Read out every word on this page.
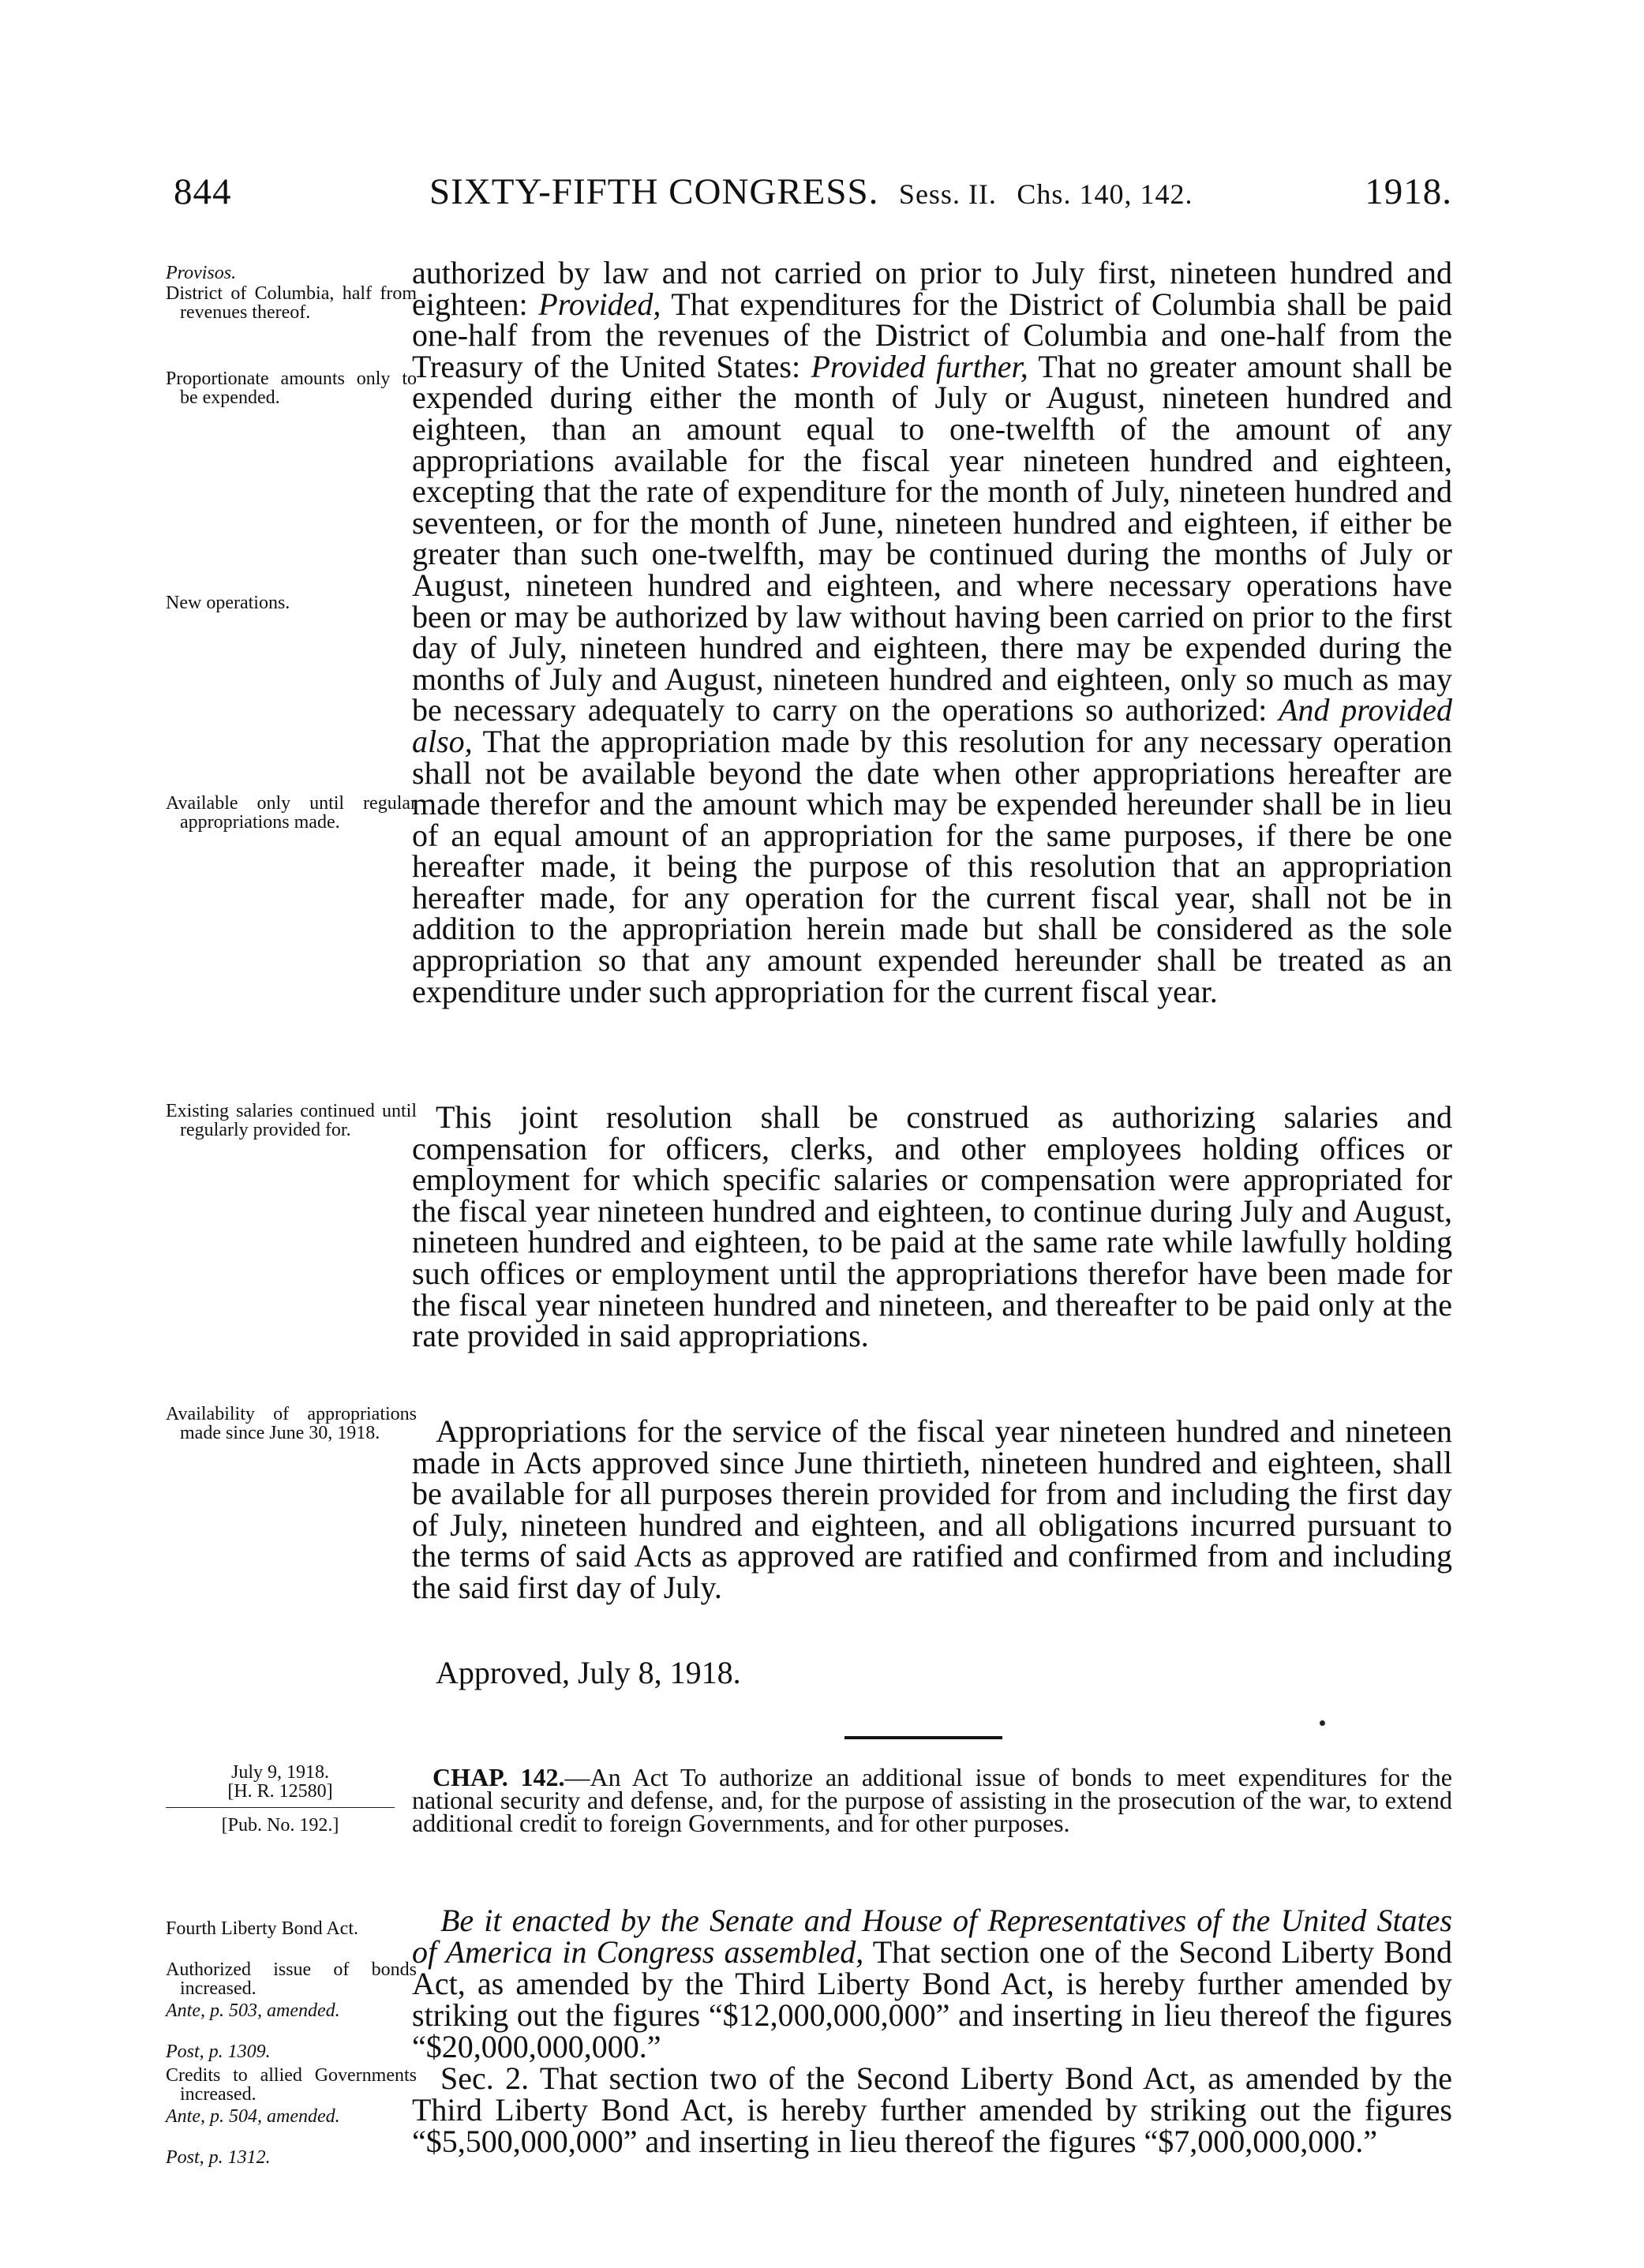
844	SIXTY-FIFTH CONGRESS. Sess. II. Chs. 140, 142.	1918.

authorized by law and not carried on prior to July first, nineteen hundred and eighteen: Provided, That expenditures for the District of Columbia shall be paid one-half from the revenues of the District of Columbia and one-half from the Treasury of the United States: Provided further, That no greater amount shall be expended during either the month of July or August, nineteen hundred and eighteen, than an amount equal to one-twelfth of the amount of any appropriations available for the fiscal year nineteen hundred and eighteen, excepting that the rate of expenditure for the month of July, nineteen hundred and seventeen, or for the month of June, nineteen hundred and eighteen, if either be greater than such one-twelfth, may be continued during the months of July or August, nineteen hundred and eighteen, and where necessary operations have been or may be authorized by law without having been carried on prior to the first day of July, nineteen hundred and eighteen, there may be expended during the months of July and August, nineteen hundred and eighteen, only so much as may be necessary adequately to carry on the operations so authorized: And provided also, That the appropriation made by this resolution for any necessary operation shall not be available beyond the date when other appropriations hereafter are made therefor and the amount which may be expended hereunder shall be in lieu of an equal amount of an appropriation for the same purposes, if there be one hereafter made, it being the purpose of this resolution that an appropriation hereafter made, for any operation for the current fiscal year, shall not be in addition to the appropriation herein made but shall be considered as the sole appropriation so that any amount expended hereunder shall be treated as an expenditure under such appropriation for the current fiscal year.

This joint resolution shall be construed as authorizing salaries and compensation for officers, clerks, and other employees holding offices or employment for which specific salaries or compensation were appropriated for the fiscal year nineteen hundred and eighteen, to continue during July and August, nineteen hundred and eighteen, to be paid at the same rate while lawfully holding such offices or employment until the appropriations therefor have been made for the fiscal year nineteen hundred and nineteen, and thereafter to be paid only at the rate provided in said appropriations.

Appropriations for the service of the fiscal year nineteen hundred and nineteen made in Acts approved since June thirtieth, nineteen hundred and eighteen, shall be available for all purposes therein provided for from and including the first day of July, nineteen hundred and eighteen, and all obligations incurred pursuant to the terms of said Acts as approved are ratified and confirmed from and including the said first day of July.

Approved, July 8, 1918.
Provisos.
District of Columbia, half from revenues thereof.
Proportionate amounts only to be expended.
New operations.
Available only until regular appropriations made.
Existing salaries continued until regularly provided for.
Availability of appropriations made since June 30, 1918.
July 9, 1918.
[H. R. 12580]
[Pub. No. 192.]
CHAP. 142.—An Act To authorize an additional issue of bonds to meet expenditures for the national security and defense, and, for the purpose of assisting in the prosecution of the war, to extend additional credit to foreign Governments, and for other purposes.
Fourth Liberty Bond Act.
Authorized issue of bonds increased.
Ante, p. 503, amended.
Post, p. 1309.
Credits to allied Governments increased.
Ante, p. 504, amended.
Post, p. 1312.

Be it enacted by the Senate and House of Representatives of the United States of America in Congress assembled, That section one of the Second Liberty Bond Act, as amended by the Third Liberty Bond Act, is hereby further amended by striking out the figures “$12,000,000,000” and inserting in lieu thereof the figures “$20,000,000,000.”

Sec. 2. That section two of the Second Liberty Bond Act, as amended by the Third Liberty Bond Act, is hereby further amended by striking out the figures “$5,500,000,000” and inserting in lieu thereof the figures “$7,000,000,000.”
